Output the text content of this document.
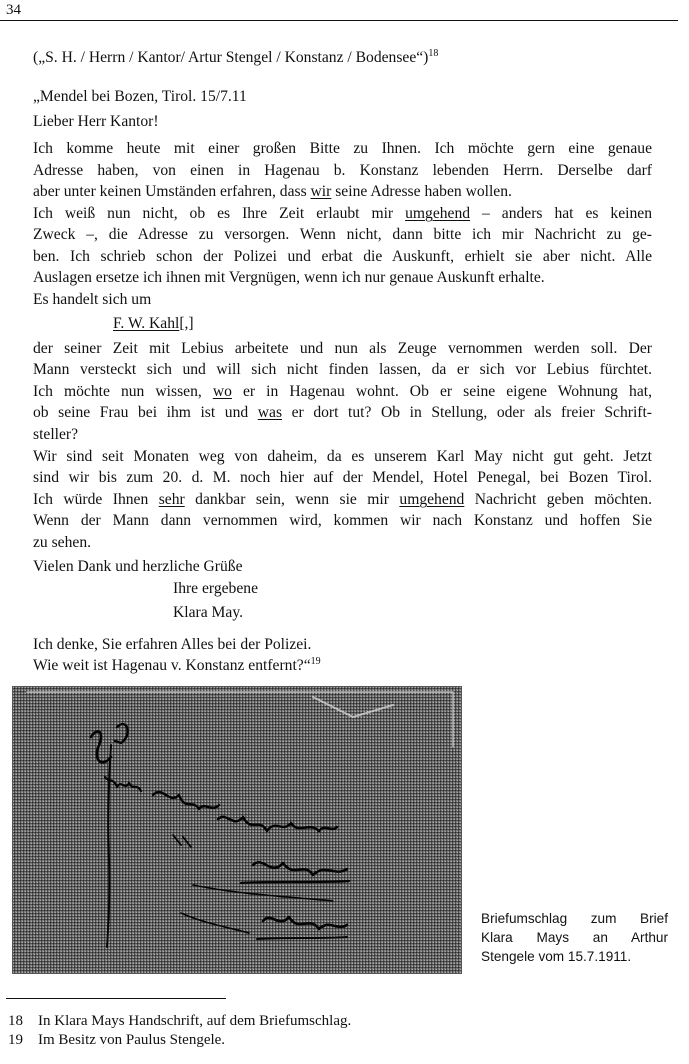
34
(„S. H. / Herrn / Kantor/ Artur Stengel / Konstanz / Bodensee“)$^{18}$
„Mendel bei Bozen, Tirol. 15/7.11
Lieber Herr Kantor!
Ich komme heute mit einer großen Bitte zu Ihnen. Ich möchte gern eine genaue
Adresse haben, von einen in Hagenau b. Konstanz lebenden Herrn. Derselbe darf
aber unter keinen Umständen erfahren, dass wir seine Adresse haben wollen.
Ich weiß nun nicht, ob es Ihre Zeit erlaubt mir umgehend – anders hat es keinen
Zweck –, die Adresse zu versorgen. Wenn nicht, dann bitte ich mir Nachricht zu ge-
ben. Ich schrieb schon der Polizei und erbat die Auskunft, erhielt sie aber nicht. Alle
Auslagen ersetze ich ihnen mit Vergnügen, wenn ich nur genaue Auskunft erhalte.
Es handelt sich um
F. W. Kahl[,]
der seiner Zeit mit Lebius arbeitete und nun als Zeuge vernommen werden soll. Der
Mann versteckt sich und will sich nicht finden lassen, da er sich vor Lebius fürchtet.
Ich möchte nun wissen, wo er in Hagenau wohnt. Ob er seine eigene Wohnung hat,
ob seine Frau bei ihm ist und was er dort tut? Ob in Stellung, oder als freier Schrift-
steller?
Wir sind seit Monaten weg von daheim, da es unserem Karl May nicht gut geht. Jetzt
sind wir bis zum 20. d. M. noch hier auf der Mendel, Hotel Penegal, bei Bozen Tirol.
Ich würde Ihnen sehr dankbar sein, wenn sie mir umgehend Nachricht geben möchten.
Wenn der Mann dann vernommen wird, kommen wir nach Konstanz und hoffen Sie
zu sehen.
Vielen Dank und herzliche Grüße
Ihre ergebene
Klara May.
Ich denke, Sie erfahren Alles bei der Polizei.
Wie weit ist Hagenau v. Konstanz entfernt?“$^{19}$
Briefumschlag zum Brief
Klara Mays an Arthur
Stengele vom 15.7.1911.
18 In Klara Mays Handschrift, auf dem Briefumschlag.
19 Im Besitz von Paulus Stengele.
